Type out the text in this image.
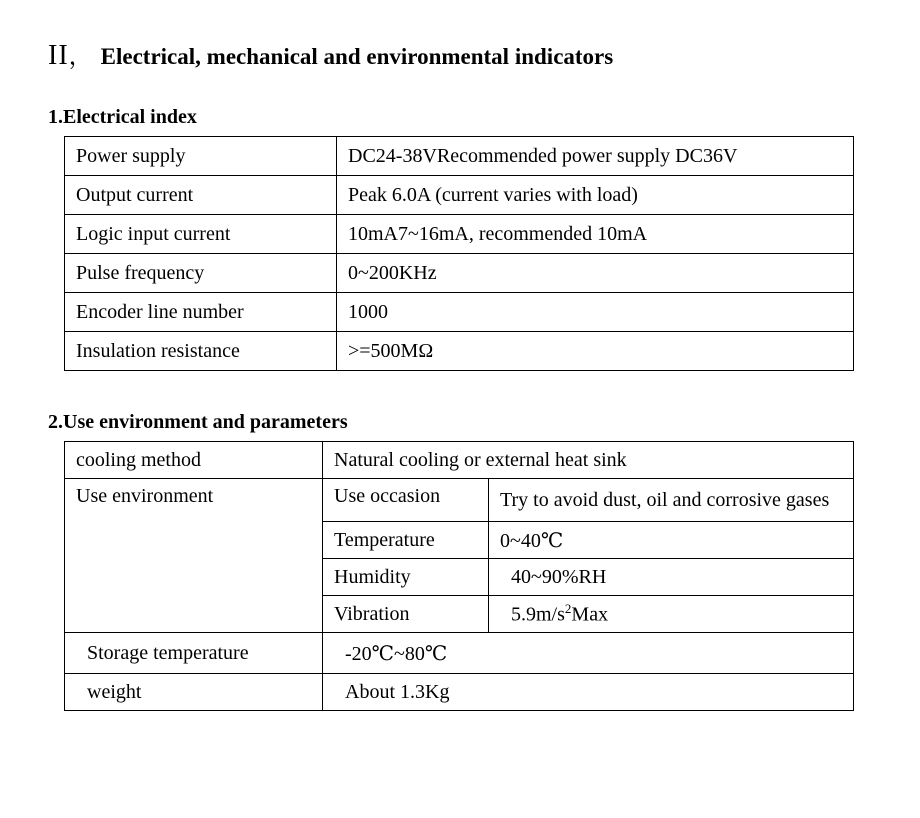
II ， Electrical, mechanical and environmental indicators
1.Electrical index
Power supply	DC24-38VRecommended power supply DC36V
Output current	Peak 6.0A (current varies with load)
Logic input current	10mA7~16mA, recommended 10mA
Pulse frequency	0~200KHz
Encoder line number	1000
Insulation resistance	>=500MΩ
2.Use environment and parameters
cooling method	Natural cooling or external heat sink	
Use environment	Use occasion	Try to avoid dust, oil and corrosive gases
	Temperature	0~40℃
	Humidity	40~90%RH
	Vibration	$5.9m/s^2Max$
Storage temperature	-20℃~80℃	
weight	About 1.3Kg	
